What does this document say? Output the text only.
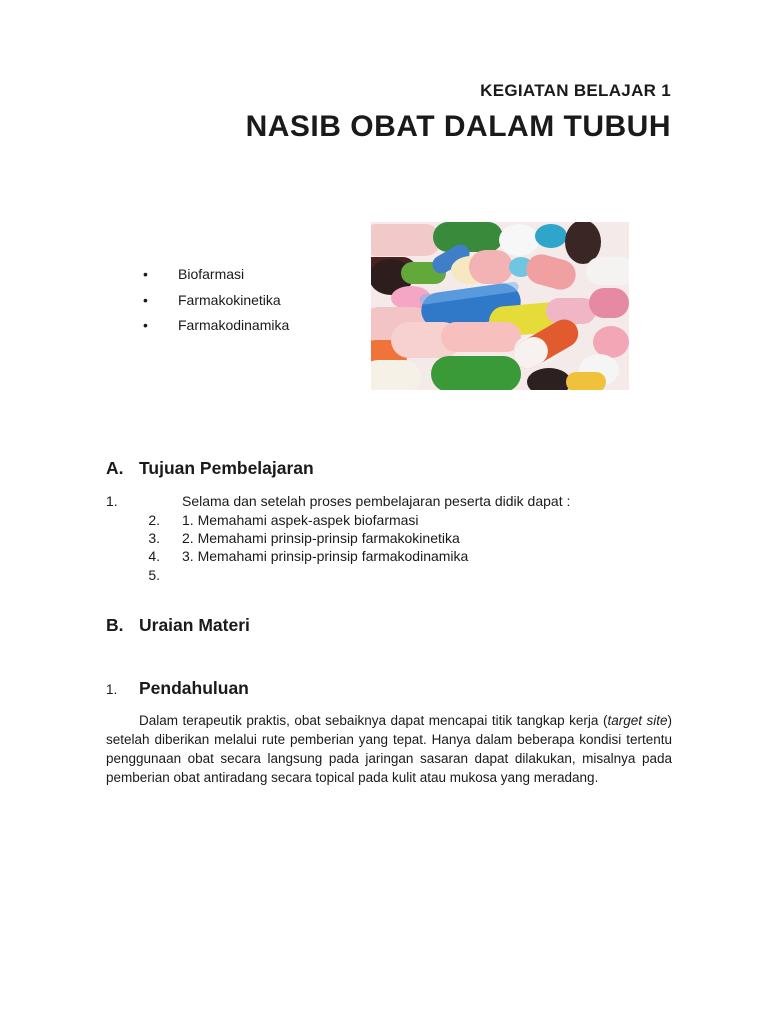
KEGIATAN BELAJAR 1
NASIB OBAT DALAM TUBUH
•	Biofarmasi
•	Farmakokinetika
•	Farmakodinamika
A. Tujuan Pembelajaran
1.	Selama dan setelah proses pembelajaran peserta didik dapat :
2. 1. Memahami aspek-aspek biofarmasi
3. 2. Memahami prinsip-prinsip farmakokinetika
4. 3. Memahami prinsip-prinsip farmakodinamika
5.
B. Uraian Materi
1. Pendahuluan

Dalam terapeutik praktis, obat sebaiknya dapat mencapai titik tangkap kerja (target site) setelah diberikan melalui rute pemberian yang tepat. Hanya dalam beberapa kondisi tertentu penggunaan obat secara langsung pada jaringan sasaran dapat dilakukan, misalnya pada pemberian obat antiradang secara topical pada kulit atau mukosa yang meradang.
